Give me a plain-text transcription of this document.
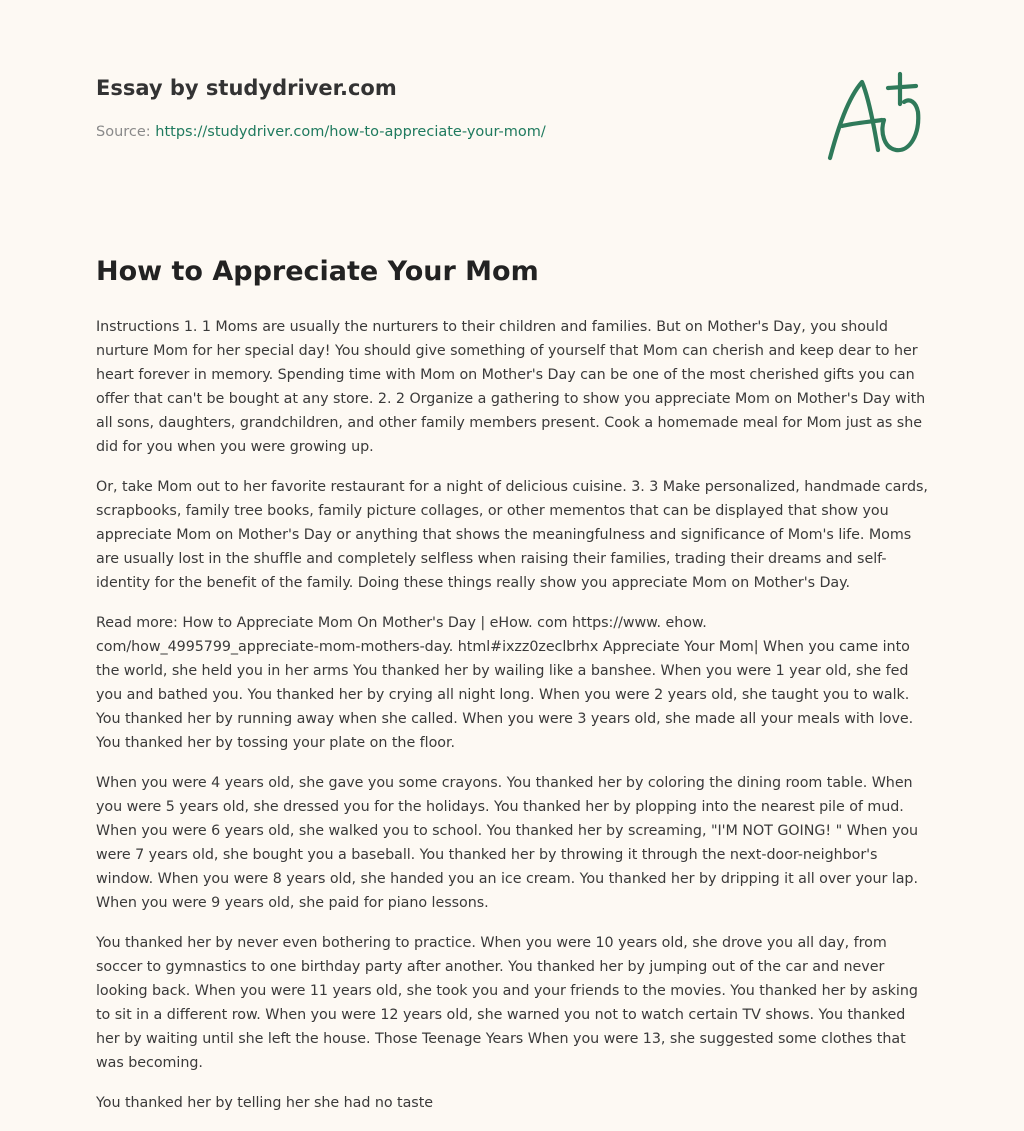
Essay by studydriver.com
Source: https://studydriver.com/how-to-appreciate-your-mom/
How to Appreciate Your Mom

Instructions 1. 1 Moms are usually the nurturers to their children and families. But on Mother's Day, you should nurture Mom for her special day! You should give something of yourself that Mom can cherish and keep dear to her heart forever in memory. Spending time with Mom on Mother's Day can be one of the most cherished gifts you can offer that can't be bought at any store. 2. 2 Organize a gathering to show you appreciate Mom on Mother's Day with all sons, daughters, grandchildren, and other family members present. Cook a homemade meal for Mom just as she did for you when you were growing up.

Or, take Mom out to her favorite restaurant for a night of delicious cuisine. 3. 3 Make personalized, handmade cards, scrapbooks, family tree books, family picture collages, or other mementos that can be displayed that show you appreciate Mom on Mother's Day or anything that shows the meaningfulness and significance of Mom's life. Moms are usually lost in the shuffle and completely selfless when raising their families, trading their dreams and self-identity for the benefit of the family. Doing these things really show you appreciate Mom on Mother's Day.

Read more: How to Appreciate Mom On Mother's Day | eHow. com https://www. ehow. com/how_4995799_appreciate-mom-mothers-day. html#ixzz0zeclbrhx Appreciate Your Mom| When you came into the world, she held you in her arms You thanked her by wailing like a banshee. When you were 1 year old, she fed you and bathed you. You thanked her by crying all night long. When you were 2 years old, she taught you to walk. You thanked her by running away when she called. When you were 3 years old, she made all your meals with love. You thanked her by tossing your plate on the floor.

When you were 4 years old, she gave you some crayons. You thanked her by coloring the dining room table. When you were 5 years old, she dressed you for the holidays. You thanked her by plopping into the nearest pile of mud. When you were 6 years old, she walked you to school. You thanked her by screaming, "I'M NOT GOING! " When you were 7 years old, she bought you a baseball. You thanked her by throwing it through the next-door-neighbor's window. When you were 8 years old, she handed you an ice cream. You thanked her by dripping it all over your lap. When you were 9 years old, she paid for piano lessons.

You thanked her by never even bothering to practice. When you were 10 years old, she drove you all day, from soccer to gymnastics to one birthday party after another. You thanked her by jumping out of the car and never looking back. When you were 11 years old, she took you and your friends to the movies. You thanked her by asking to sit in a different row. When you were 12 years old, she warned you not to watch certain TV shows. You thanked her by waiting until she left the house. Those Teenage Years When you were 13, she suggested some clothes that was becoming.

You thanked her by telling her she had no taste
